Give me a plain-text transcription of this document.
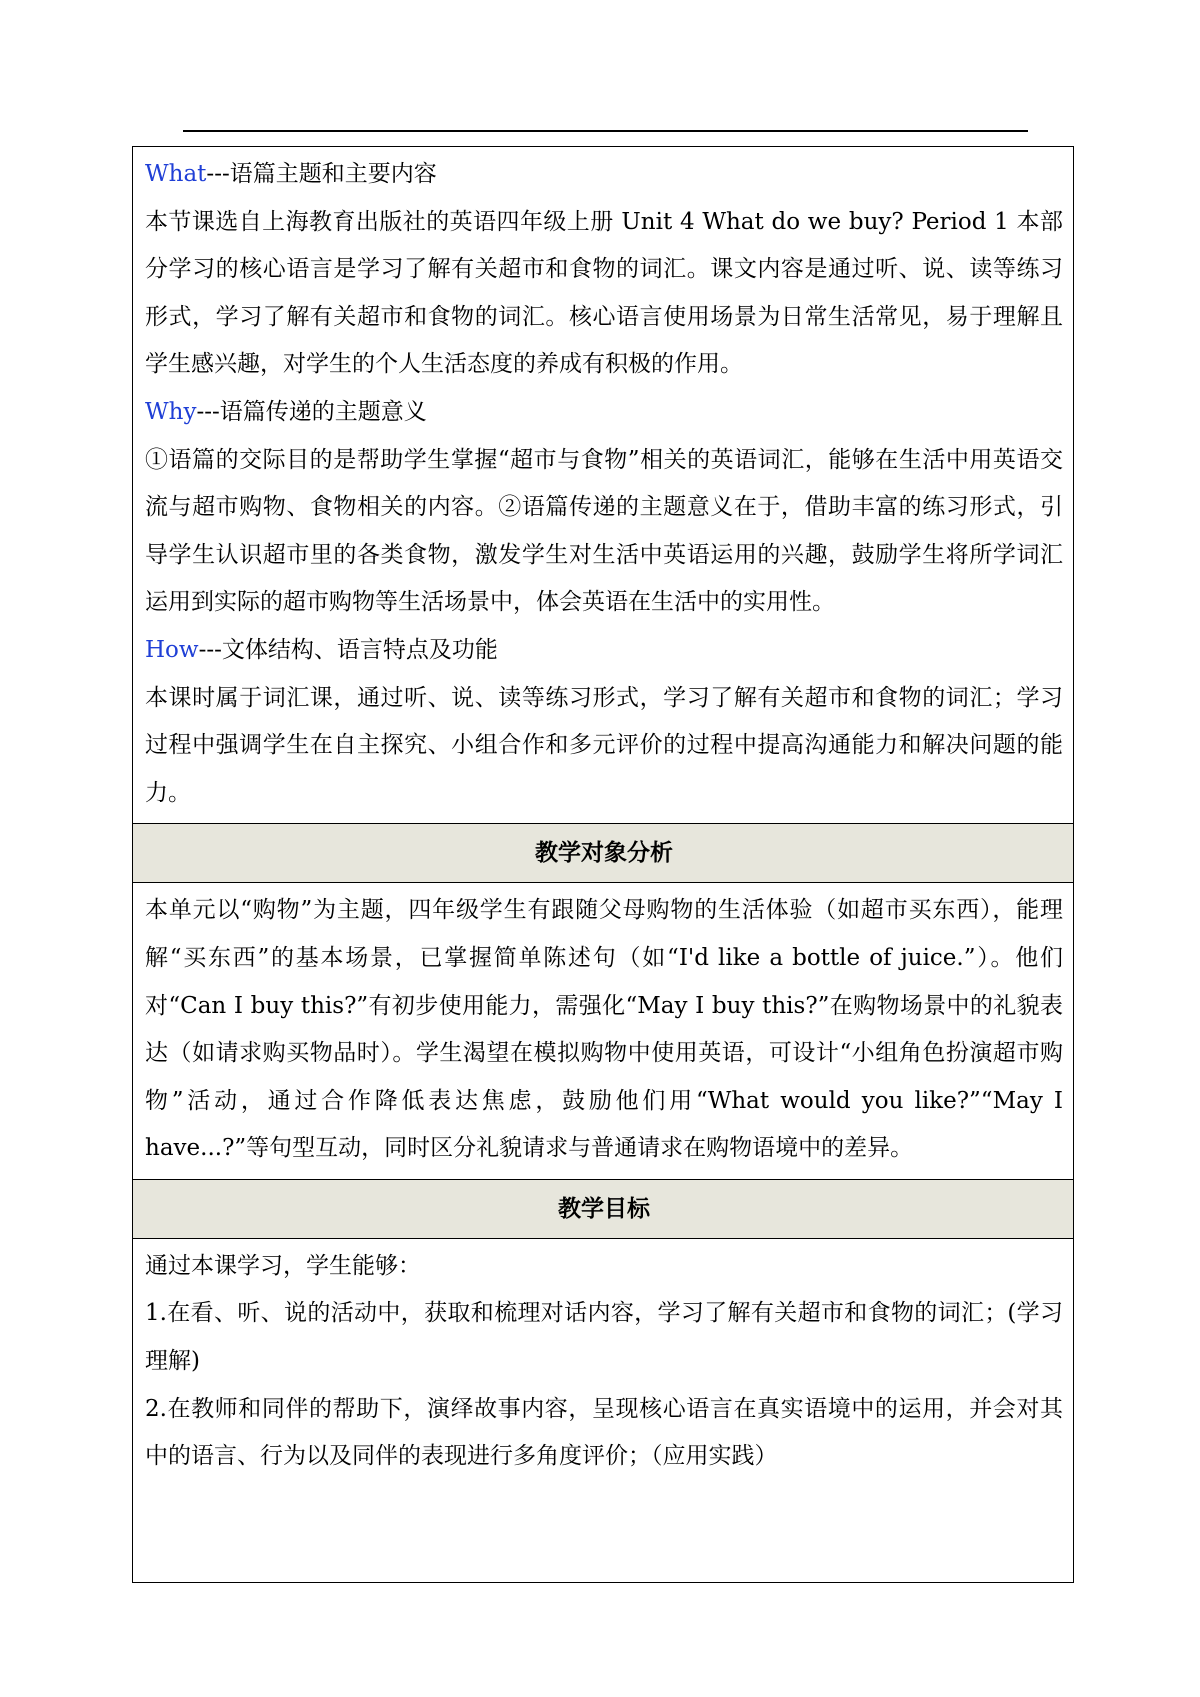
What---语篇主题和主要内容

本节课选自上海教育出版社的英语四年级上册 Unit 4 What do we buy? Period 1 本部分学习的核心语言是学习了解有关超市和食物的词汇。课文内容是通过听、说、读等练习形式，学习了解有关超市和食物的词汇。核心语言使用场景为日常生活常见，易于理解且学生感兴趣，对学生的个人生活态度的养成有积极的作用。

Why---语篇传递的主题意义

①语篇的交际目的是帮助学生掌握“超市与食物”相关的英语词汇，能够在生活中用英语交流与超市购物、食物相关的内容。②语篇传递的主题意义在于，借助丰富的练习形式，引导学生认识超市里的各类食物，激发学生对生活中英语运用的兴趣，鼓励学生将所学词汇运用到实际的超市购物等生活场景中，体会英语在生活中的实用性。

How---文体结构、语言特点及功能

本课时属于词汇课，通过听、说、读等练习形式，学习了解有关超市和食物的词汇；学习过程中强调学生在自主探究、小组合作和多元评价的过程中提高沟通能力和解决问题的能力。

教学对象分析

本单元以“购物”为主题，四年级学生有跟随父母购物的生活体验（如超市买东西），能理解“买东西”的基本场景，已掌握简单陈述句（如“I'd like a bottle of juice.”）。他们对“Can I buy this?”有初步使用能力，需强化“May I buy this?”在购物场景中的礼貌表达（如请求购买物品时）。学生渴望在模拟购物中使用英语，可设计“小组角色扮演超市购物”活动，通过合作降低表达焦虑，鼓励他们用“What would you like?”“May I have...?”等句型互动，同时区分礼貌请求与普通请求在购物语境中的差异。

教学目标

通过本课学习，学生能够：

1.在看、听、说的活动中，获取和梳理对话内容，学习了解有关超市和食物的词汇；(学习理解)

2.在教师和同伴的帮助下，演绎故事内容，呈现核心语言在真实语境中的运用，并会对其中的语言、行为以及同伴的表现进行多角度评价；（应用实践）
